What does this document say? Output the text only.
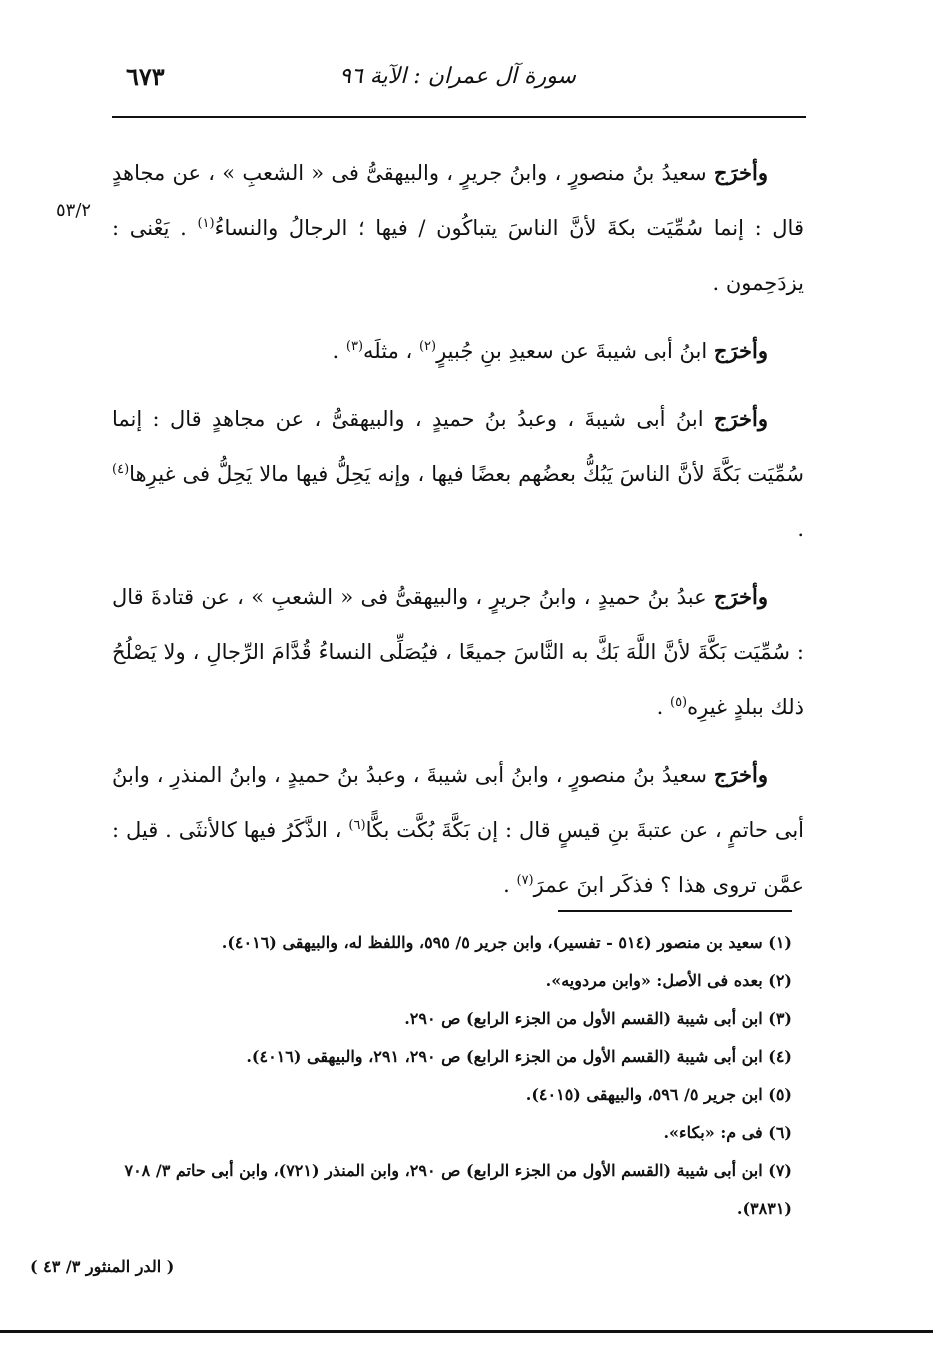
٦٧٣	سورة آل عمران : الآية ٩٦
٥٣/٢

وأخرَج سعيدُ بنُ منصورٍ ، وابنُ جريرٍ ، والبيهقىُّ فى « الشعبِ » ، عن مجاهدٍ قال : إنما سُمِّيَت بكةَ لأنَّ الناسَ يتباكُون / فيها ؛ الرجالُ والنساءُ$^{(١)}$ . يَعْنى : يزدَحِمون .

وأخرَج ابنُ أبى شيبةَ عن سعيدِ بنِ جُبيرٍ$^{(٢)}$ ، مثلَه$^{(٣)}$ .

وأخرَج ابنُ أبى شيبةَ ، وعبدُ بنُ حميدٍ ، والبيهقىُّ ، عن مجاهدٍ قال : إنما سُمِّيَت بَكَّةَ لأنَّ الناسَ يَبُكُّ بعضُهم بعضًا فيها ، وإنه يَحِلُّ فيها مالا يَحِلُّ فى غيرِها$^{(٤)}$ .

وأخرَج عبدُ بنُ حميدٍ ، وابنُ جريرٍ ، والبيهقىُّ فى « الشعبِ » ، عن قتادةَ قال : سُمِّيَت بَكَّةَ لأنَّ اللَّهَ بَكَّ به النَّاسَ جميعًا ، فيُصَلِّى النساءُ قُدَّامَ الرِّجالِ ، ولا يَصْلُحُ ذلك ببلدٍ غيرِه$^{(٥)}$ .

وأخرَج سعيدُ بنُ منصورٍ ، وابنُ أبى شيبةَ ، وعبدُ بنُ حميدٍ ، وابنُ المنذرِ ، وابنُ أبى حاتمٍ ، عن عتبةَ بنِ قيسٍ قال : إن بَكَّةَ بُكَّت بكًّا$^{(٦)}$ ، الذَّكَرُ فيها كالأنثَى . قيل : عمَّن تروى هذا ؟ فذكَر ابنَ عمرَ$^{(٧)}$ .

(١) سعيد بن منصور (٥١٤ - تفسير)، وابن جرير ٥/ ٥٩٥، واللفظ له، والبيهقى (٤٠١٦).

(٢) بعده فى الأصل: «وابن مردويه».

(٣) ابن أبى شيبة (القسم الأول من الجزء الرابع) ص ٢٩٠.

(٤) ابن أبى شيبة (القسم الأول من الجزء الرابع) ص ٢٩٠، ٢٩١، والبيهقى (٤٠١٦).

(٥) ابن جرير ٥/ ٥٩٦، والبيهقى (٤٠١٥).

(٦) فى م: «بكاء».

(٧) ابن أبى شيبة (القسم الأول من الجزء الرابع) ص ٢٩٠، وابن المنذر (٧٢١)، وابن أبى حاتم ٣/ ٧٠٨ (٣٨٣١).

( الدر المنثور ٣/ ٤٣ )
